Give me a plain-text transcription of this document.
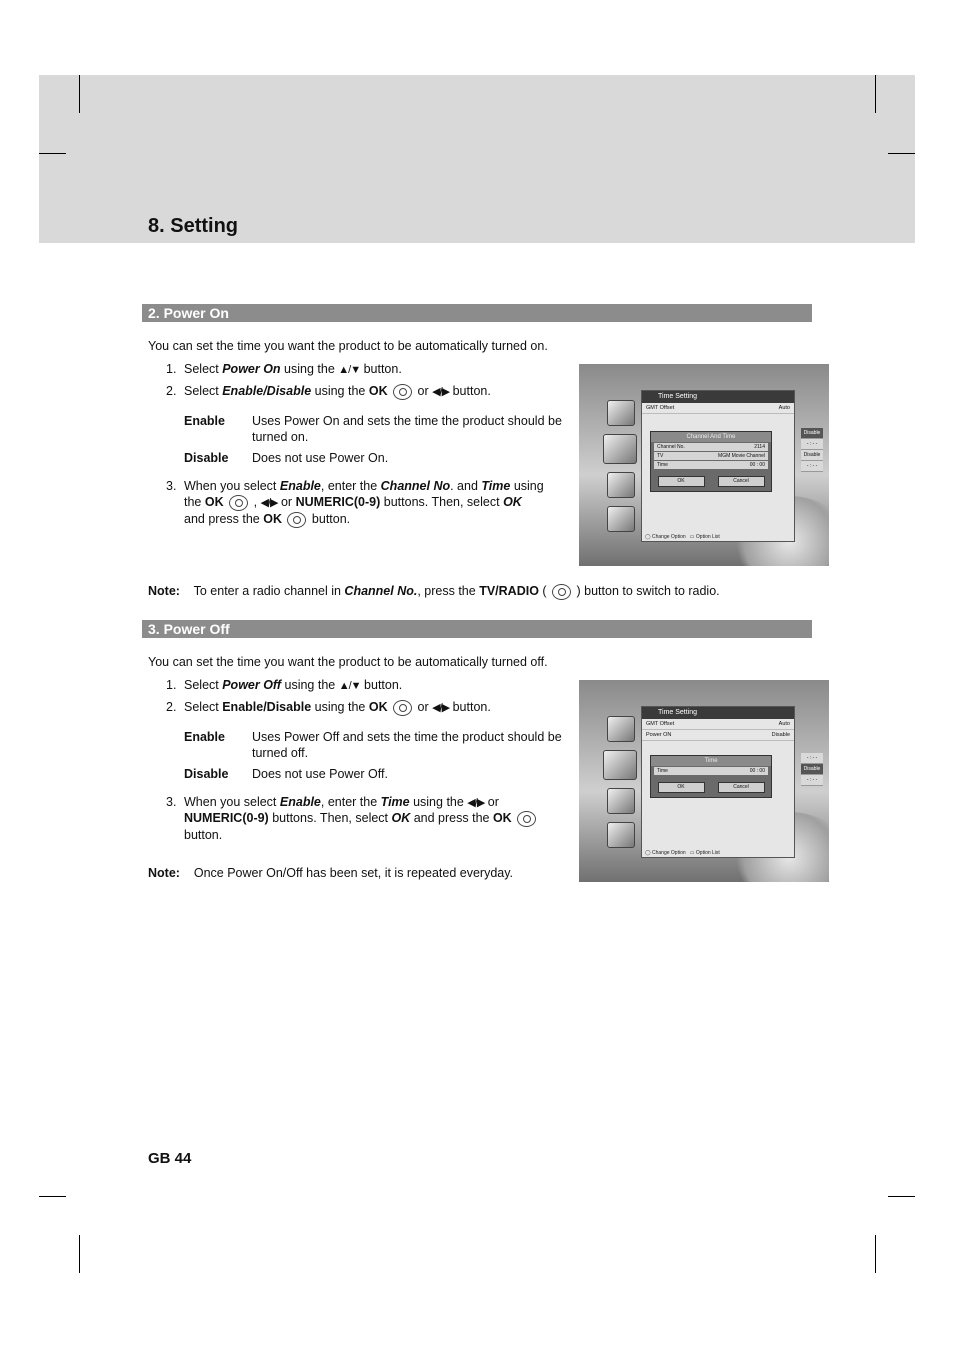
8. Setting
2. Power On
You can set the time you want the product to be automatically turned on.
1. Select Power On using the ▲/▼ button.
2. Select Enable/Disable using the OK  or ◀/▶ button.
Enable Uses Power On and sets the time the product should be turned on.
Disable Does not use Power On.
3. When you select Enable, enter the Channel No. and Time using
the OK  , ◀/▶ or NUMERIC(0-9) buttons. Then, select OK
and press the OK  button.
Time Setting
GMT Offset	Auto
Channel And Time
Channel No.	2114
TV	MGM Movie Channel
Time	00 : 00
OK	Cancel
Disable
- : - -
Disable
- : - -
◯ Change Option   ▭ Option List
Note: To enter a radio channel in Channel No., press the TV/RADIO (  ) button to switch to radio.
3. Power Off
You can set the time you want the product to be automatically turned off.
1. Select Power Off using the ▲/▼ button.
2. Select Enable/Disable using the OK  or ◀/▶ button.
Enable Uses Power Off and sets the time the product should be turned off.
Disable Does not use Power Off.
3. When you select Enable, enter the Time using the ◀/▶ or
NUMERIC(0-9) buttons. Then, select OK and press the OK
button.
Time Setting
GMT Offset	Auto
Power ON	Disable
Time
Time	00 : 00
OK	Cancel
- : - -
Disable
- : - -
◯ Change Option   ▭ Option List
Note: Once Power On/Off has been set, it is repeated everyday.
GB 44
